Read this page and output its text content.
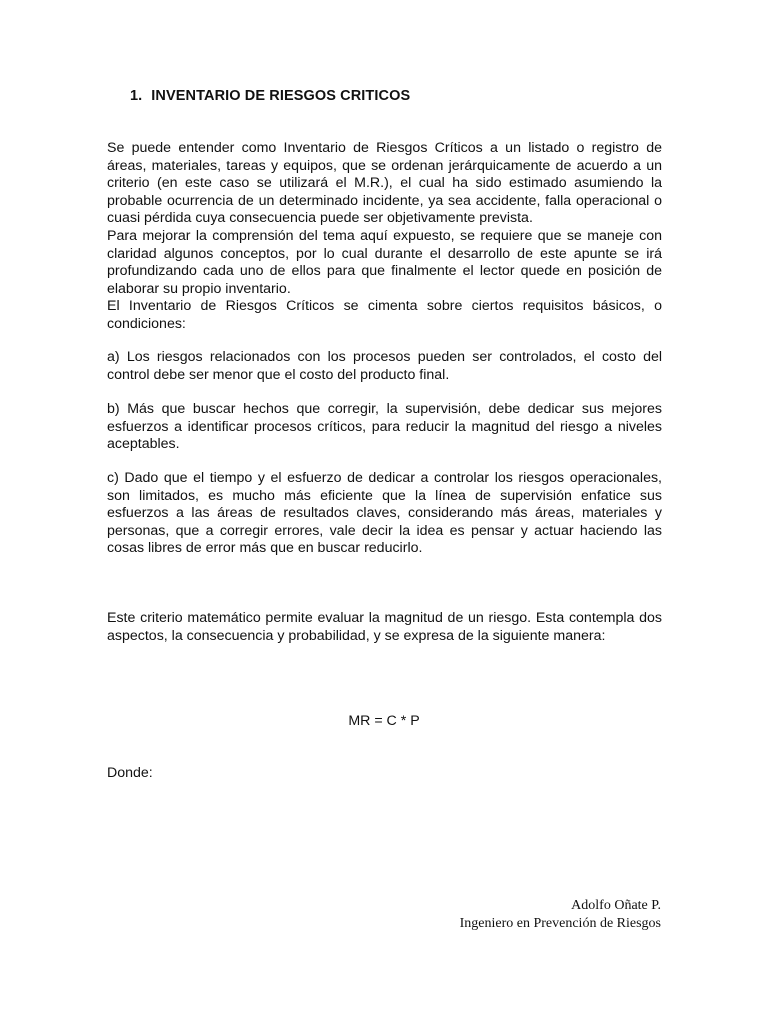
1. INVENTARIO DE RIESGOS CRITICOS

Se puede entender como Inventario de Riesgos Críticos a un listado o registro de áreas, materiales, tareas y equipos, que se ordenan jerárquicamente de acuerdo a un criterio (en este caso se utilizará el M.R.), el cual ha sido estimado asumiendo la probable ocurrencia de un determinado incidente, ya sea accidente, falla operacional o cuasi pérdida cuya consecuencia puede ser objetivamente prevista.

Para mejorar la comprensión del tema aquí expuesto, se requiere que se maneje con claridad algunos conceptos, por lo cual durante el desarrollo de este apunte se irá profundizando cada uno de ellos para que finalmente el lector quede en posición de elaborar su propio inventario.

El Inventario de Riesgos Críticos se cimenta sobre ciertos requisitos básicos, o condiciones:

a) Los riesgos relacionados con los procesos pueden ser controlados, el costo del control debe ser menor que el costo del producto final.

b) Más que buscar hechos que corregir, la supervisión, debe dedicar sus mejores esfuerzos a identificar procesos críticos, para reducir la magnitud del riesgo a niveles aceptables.

c) Dado que el tiempo y el esfuerzo de dedicar a controlar los riesgos operacionales, son limitados, es mucho más eficiente que la línea de supervisión enfatice sus esfuerzos a las áreas de resultados claves, considerando más áreas, materiales y personas, que a corregir errores, vale decir la idea es pensar y actuar haciendo las cosas libres de error más que en buscar reducirlo.

Este criterio matemático permite evaluar la magnitud de un riesgo. Esta contempla dos aspectos, la consecuencia y probabilidad, y se expresa de la siguiente manera:

MR = C * P
Donde:
Adolfo Oñate P.
Ingeniero en Prevención de Riesgos
